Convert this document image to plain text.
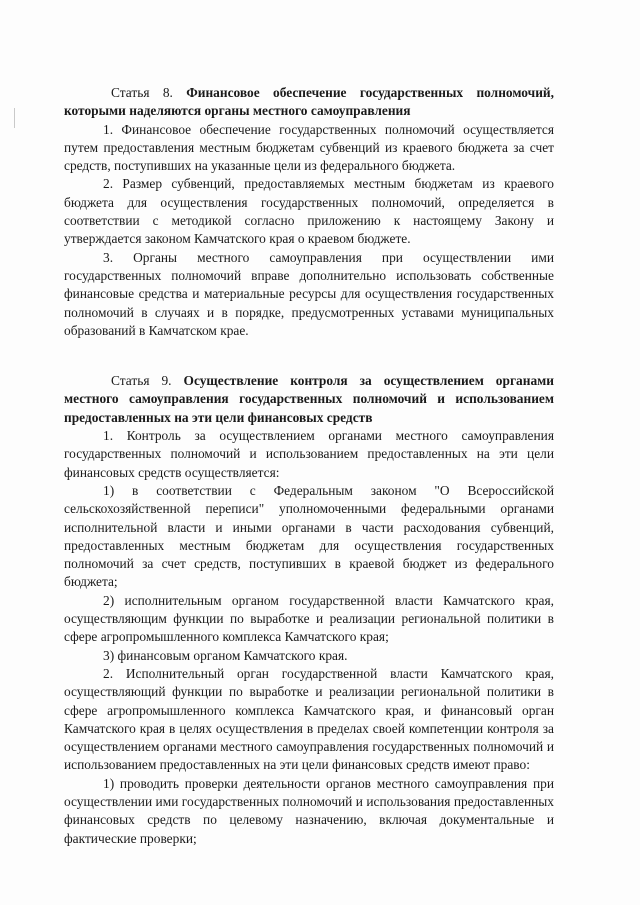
Статья 8. Финансовое обеспечение государственных полномочий, которыми наделяются органы местного самоуправления

1. Финансовое обеспечение государственных полномочий осуществляется путем предоставления местным бюджетам субвенций из краевого бюджета за счет средств, поступивших на указанные цели из федерального бюджета.

2. Размер субвенций, предоставляемых местным бюджетам из краевого бюджета для осуществления государственных полномочий, определяется в соответствии с методикой согласно приложению к настоящему Закону и утверждается законом Камчатского края о краевом бюджете.

3. Органы местного самоуправления при осуществлении ими государственных полномочий вправе дополнительно использовать собственные финансовые средства и материальные ресурсы для осуществления государственных полномочий в случаях и в порядке, предусмотренных уставами муниципальных образований в Камчатском крае.

Статья 9. Осуществление контроля за осуществлением органами местного самоуправления государственных полномочий и использованием предоставленных на эти цели финансовых средств

1. Контроль за осуществлением органами местного самоуправления государственных полномочий и использованием предоставленных на эти цели финансовых средств осуществляется:

1) в соответствии с Федеральным законом "О Всероссийской сельскохозяйственной переписи" уполномоченными федеральными органами исполнительной власти и иными органами в части расходования субвенций, предоставленных местным бюджетам для осуществления государственных полномочий за счет средств, поступивших в краевой бюджет из федерального бюджета;

2) исполнительным органом государственной власти Камчатского края, осуществляющим функции по выработке и реализации региональной политики в сфере агропромышленного комплекса Камчатского края;

3) финансовым органом Камчатского края.

2. Исполнительный орган государственной власти Камчатского края, осуществляющий функции по выработке и реализации региональной политики в сфере агропромышленного комплекса Камчатского края, и финансовый орган Камчатского края в целях осуществления в пределах своей компетенции контроля за осуществлением органами местного самоуправления государственных полномочий и использованием предоставленных на эти цели финансовых средств имеют право:

1) проводить проверки деятельности органов местного самоуправления при осуществлении ими государственных полномочий и использования предоставленных финансовых средств по целевому назначению, включая документальные и фактические проверки;
